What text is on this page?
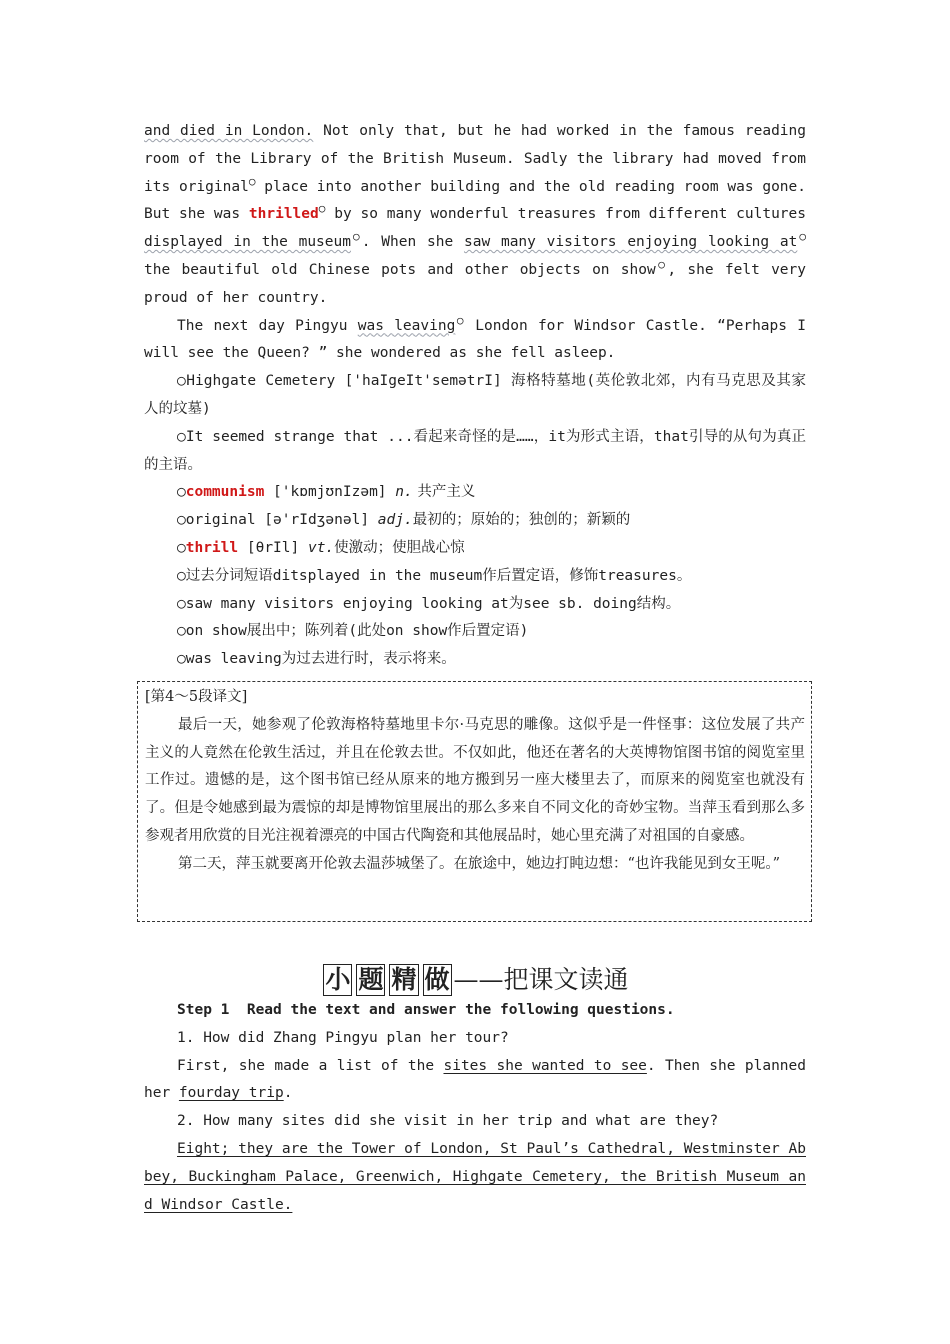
and died in London. Not only that, but he had worked in the famous reading room of the Library of the British Museum. Sadly the library had moved from its original○ place into another building and the old reading room was gone. But she was thrilled○ by so many wonderful treasures from different cultures displayed in the museum○. When she saw many visitors enjoying looking at○ the beautiful old Chinese pots and other objects on show○, she felt very proud of her country.

The next day Pingyu was leaving○ London for Windsor Castle. “Perhaps I will see the Queen? ” she wondered as she fell asleep.

○Highgate Cemetery ['haIgeIt'semətrI] 海格特墓地(英伦敦北郊，内有马克思及其家人的坟墓)

○It seemed strange that ...看起来奇怪的是……，it为形式主语，that引导的从句为真正的主语。

○communism ['kɒmjʊnIzəm] n. 共产主义

○original [ə'rIdʒənəl] adj.最初的；原始的；独创的；新颖的

○thrill [θrIl] vt.使激动；使胆战心惊

○过去分词短语ditsplayed in the museum作后置定语，修饰treasures。

○saw many visitors enjoying looking at为see sb. doing结构。

○on show展出中；陈列着(此处on show作后置定语)

○was leaving为过去进行时，表示将来。

[第4～5段译文]

最后一天，她参观了伦敦海格特墓地里卡尔·马克思的雕像。这似乎是一件怪事：这位发展了共产主义的人竟然在伦敦生活过，并且在伦敦去世。不仅如此，他还在著名的大英博物馆图书馆的阅览室里工作过。遗憾的是，这个图书馆已经从原来的地方搬到另一座大楼里去了，而原来的阅览室也就没有了。但是令她感到最为震惊的却是博物馆里展出的那么多来自不同文化的奇妙宝物。当萍玉看到那么多参观者用欣赏的目光注视着漂亮的中国古代陶瓷和其他展品时，她心里充满了对祖国的自豪感。

第二天，萍玉就要离开伦敦去温莎城堡了。在旅途中，她边打盹边想：“也许我能见到女王呢。”

小 题 精 做 ——把课文读通

Step 1  Read the text and answer the following questions.

1. How did Zhang Pingyu plan her tour?

First, she made a list of the sites she wanted to see. Then she planned her fourday trip.

2. How many sites did she visit in her trip and what are they?

Eight; they are the Tower of London, St Paul’s Cathedral, Westminster Abbey, Buckingham Palace, Greenwich, Highgate Cemetery, the British Museum and Windsor Castle.
